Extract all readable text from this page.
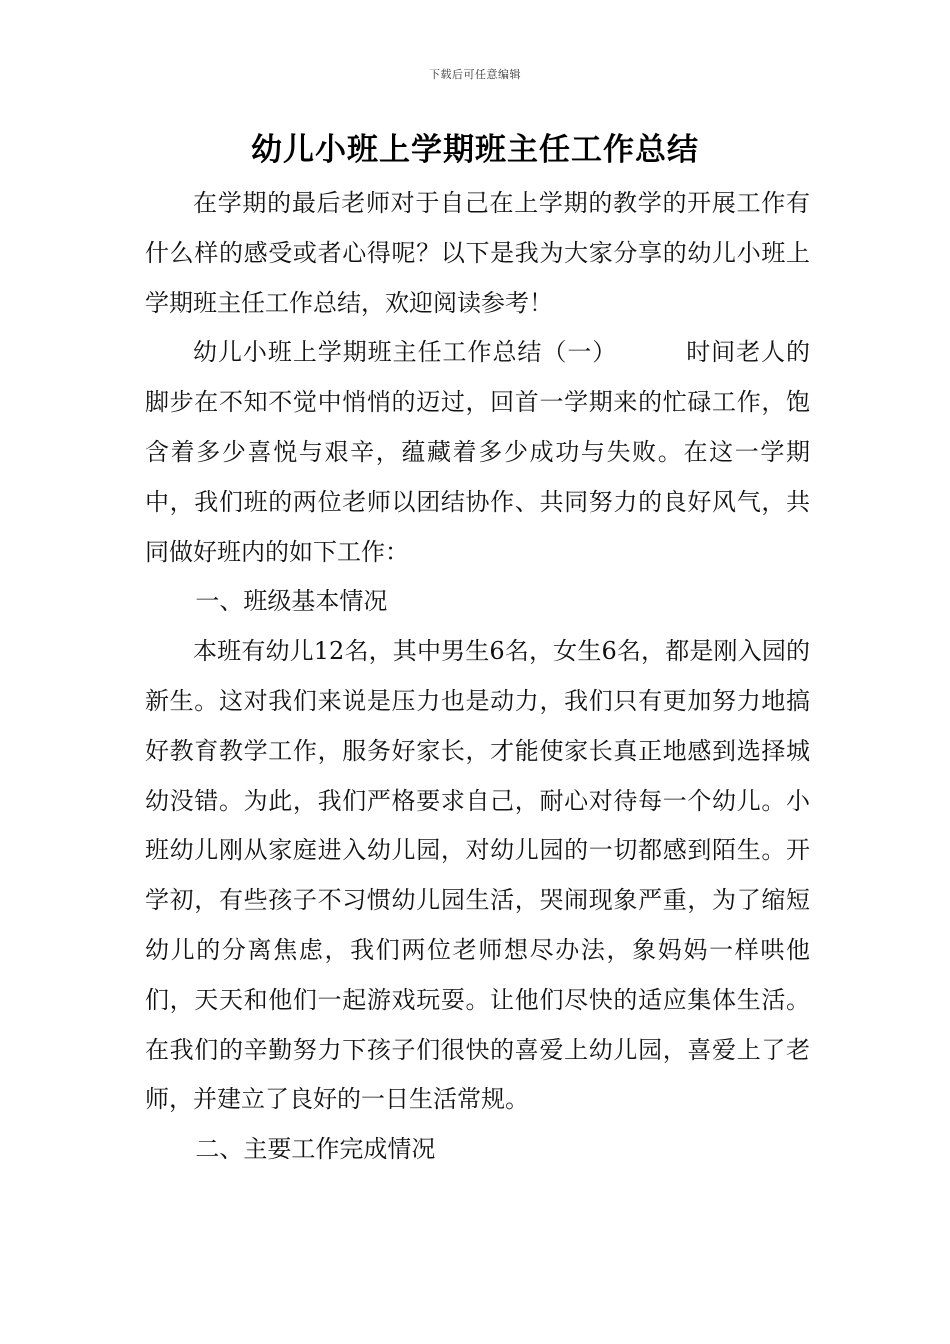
下载后可任意编辑
幼儿小班上学期班主任工作总结

在学期的最后老师对于自己在上学期的教学的开展工作有什么样的感受或者心得呢？以下是我为大家分享的幼儿小班上学期班主任工作总结，欢迎阅读参考！

幼儿小班上学期班主任工作总结（一）	时间老人的脚步在不知不觉中悄悄的迈过，回首一学期来的忙碌工作，饱含着多少喜悦与艰辛，蕴藏着多少成功与失败。在这一学期中，我们班的两位老师以团结协作、共同努力的良好风气，共同做好班内的如下工作：

一、班级基本情况

本班有幼儿12名，其中男生6名，女生6名，都是刚入园的新生。这对我们来说是压力也是动力，我们只有更加努力地搞好教育教学工作，服务好家长，才能使家长真正地感到选择城幼没错。为此，我们严格要求自己，耐心对待每一个幼儿。小班幼儿刚从家庭进入幼儿园，对幼儿园的一切都感到陌生。开学初，有些孩子不习惯幼儿园生活，哭闹现象严重，为了缩短幼儿的分离焦虑，我们两位老师想尽办法，象妈妈一样哄他们，天天和他们一起游戏玩耍。让他们尽快的适应集体生活。在我们的辛勤努力下孩子们很快的喜爱上幼儿园，喜爱上了老师，并建立了良好的一日生活常规。

二、主要工作完成情况
